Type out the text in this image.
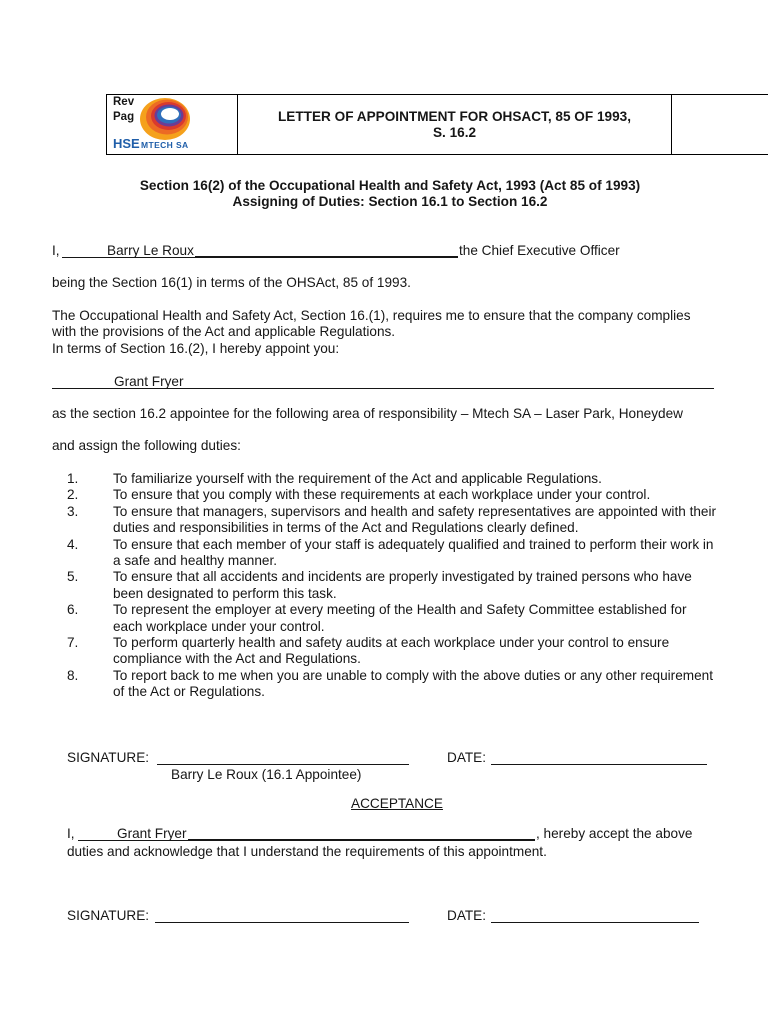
Rev
Pag
HSE MTECH SA
LETTER OF APPOINTMENT FOR OHSACT, 85 OF 1993,
S. 16.2
Section 16(2) of the Occupational Health and Safety Act, 1993 (Act 85 of 1993)
Assigning of Duties: Section 16.1 to Section 16.2
I,	Barry Le Roux	the Chief Executive Officer
being the Section 16(1) in terms of the OHSAct, 85 of 1993.
The Occupational Health and Safety Act, Section 16.(1), requires me to ensure that the company complies
with the provisions of the Act and applicable Regulations.
In terms of Section 16.(2), I hereby appoint you:
Grant Fryer
as the section 16.2 appointee for the following area of responsibility – Mtech SA – Laser Park, Honeydew
and assign the following duties:
1.	To familiarize yourself with the requirement of the Act and applicable Regulations.
2.	To ensure that you comply with these requirements at each workplace under your control.
3.	To ensure that managers, supervisors and health and safety representatives are appointed with their
duties and responsibilities in terms of the Act and Regulations clearly defined.
4.	To ensure that each member of your staff is adequately qualified and trained to perform their work in
a safe and healthy manner.
5.	To ensure that all accidents and incidents are properly investigated by trained persons who have
been designated to perform this task.
6.	To represent the employer at every meeting of the Health and Safety Committee established for
each workplace under your control.
7.	To perform quarterly health and safety audits at each workplace under your control to ensure
compliance with the Act and Regulations.
8.	To report back to me when you are unable to comply with the above duties or any other requirement
of the Act or Regulations.
SIGNATURE:	DATE:
Barry Le Roux (16.1 Appointee)
ACCEPTANCE
I,	Grant Fryer	, hereby accept the above
duties and acknowledge that I understand the requirements of this appointment.
SIGNATURE:	DATE:
